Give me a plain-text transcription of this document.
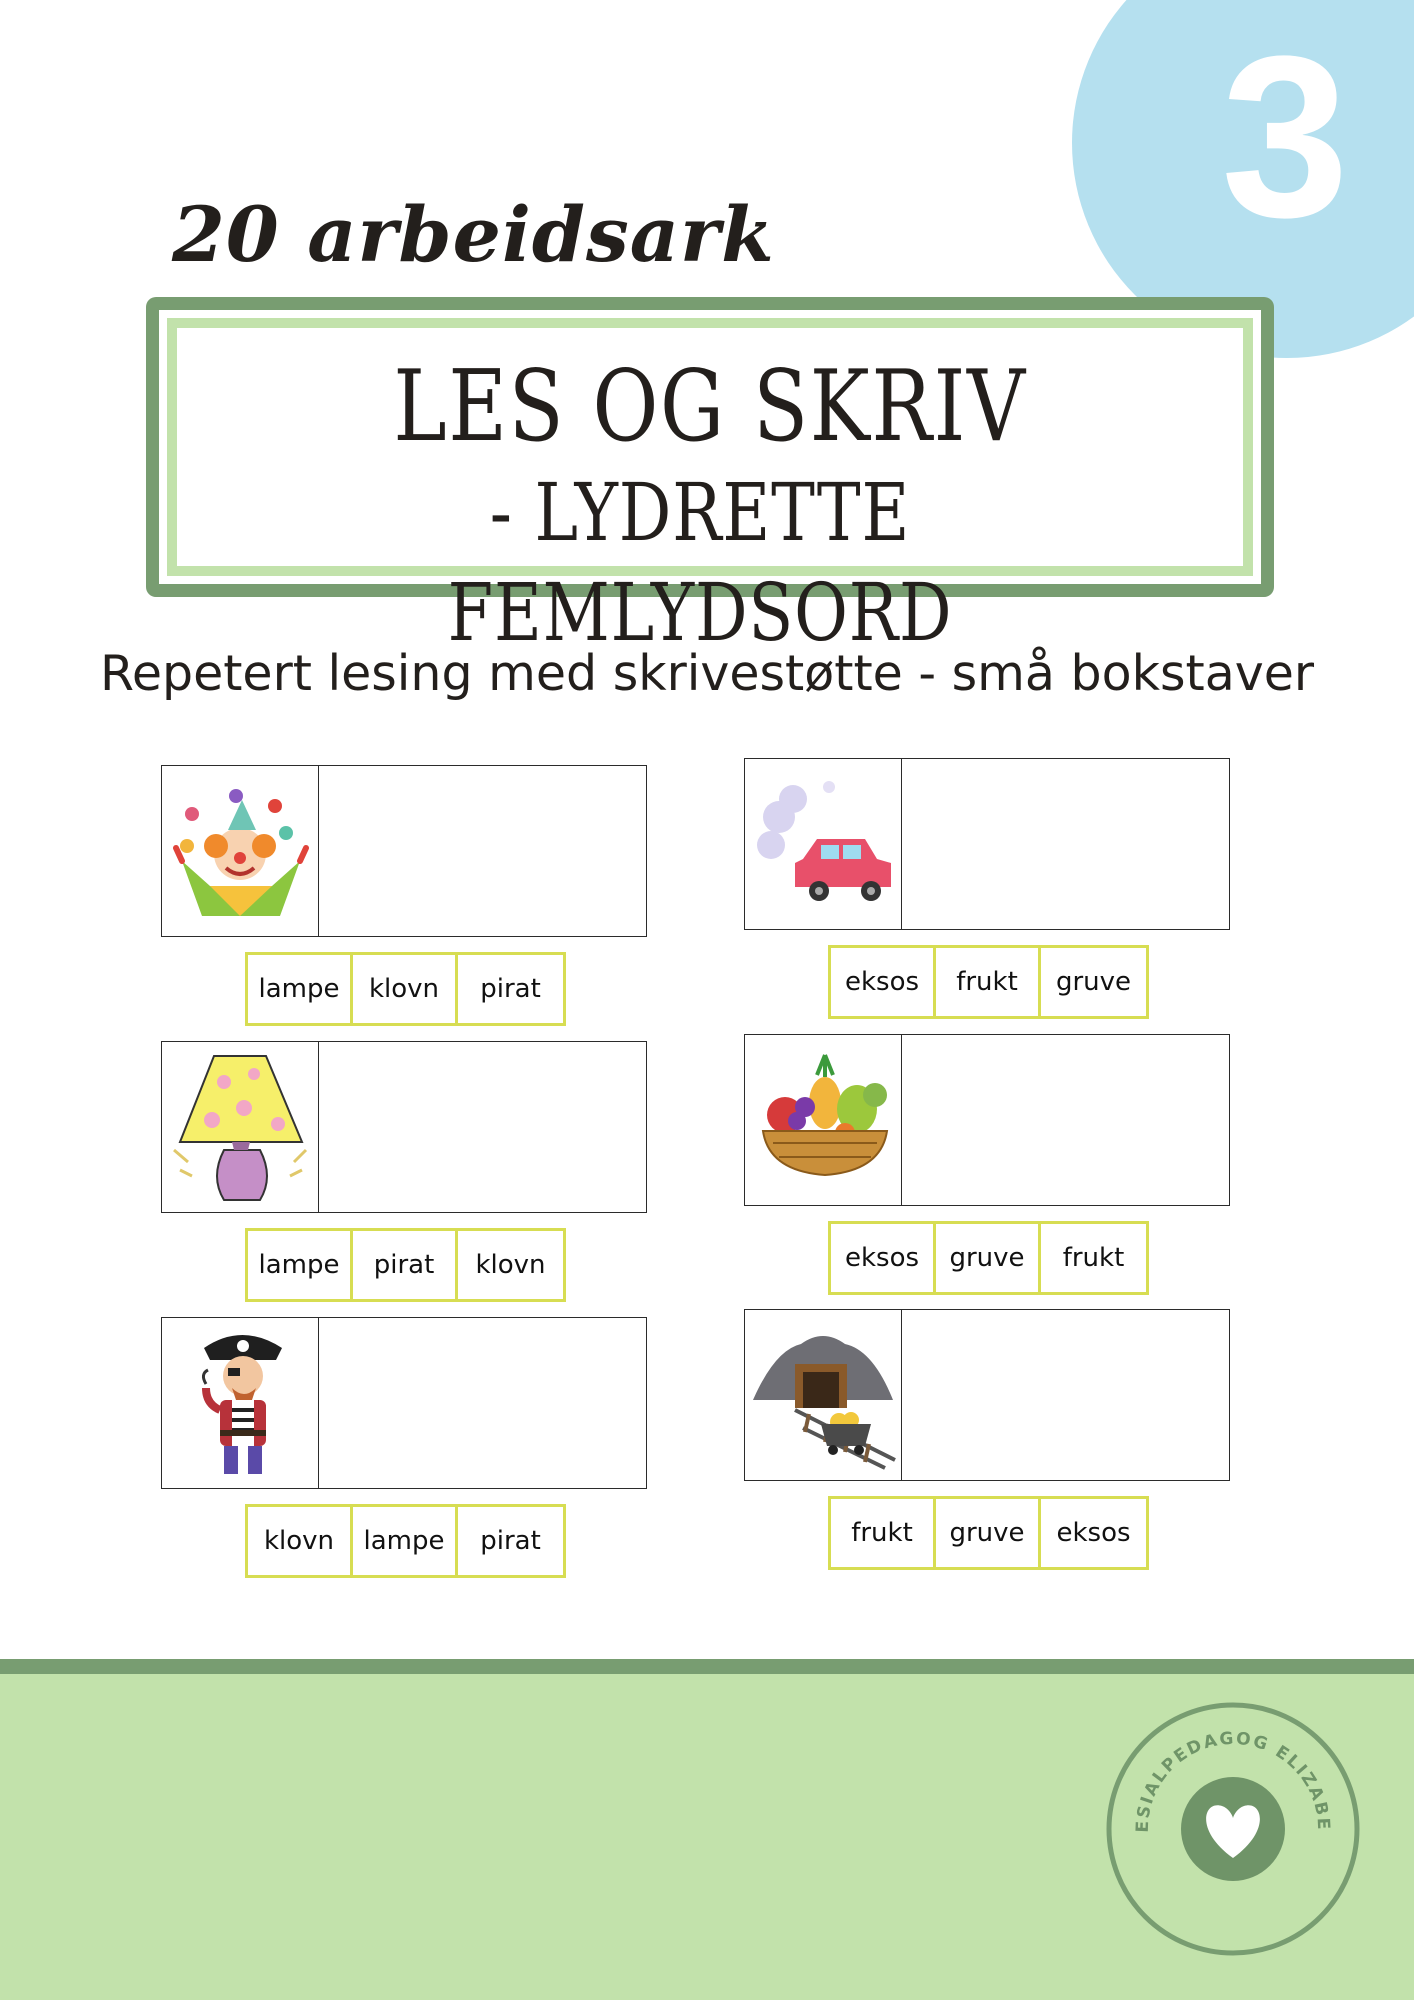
3
20 arbeidsark
LES OG SKRIV
- LYDRETTE FEMLYDSORD
Repetert lesing med skrivestøtte - små bokstaver
lampe	klovn	pirat
lampe	pirat	klovn
klovn	lampe	pirat
eksos	frukt	gruve
eksos	gruve	frukt
frukt	gruve	eksos
ESIALPEDAGOG ELIZABE
